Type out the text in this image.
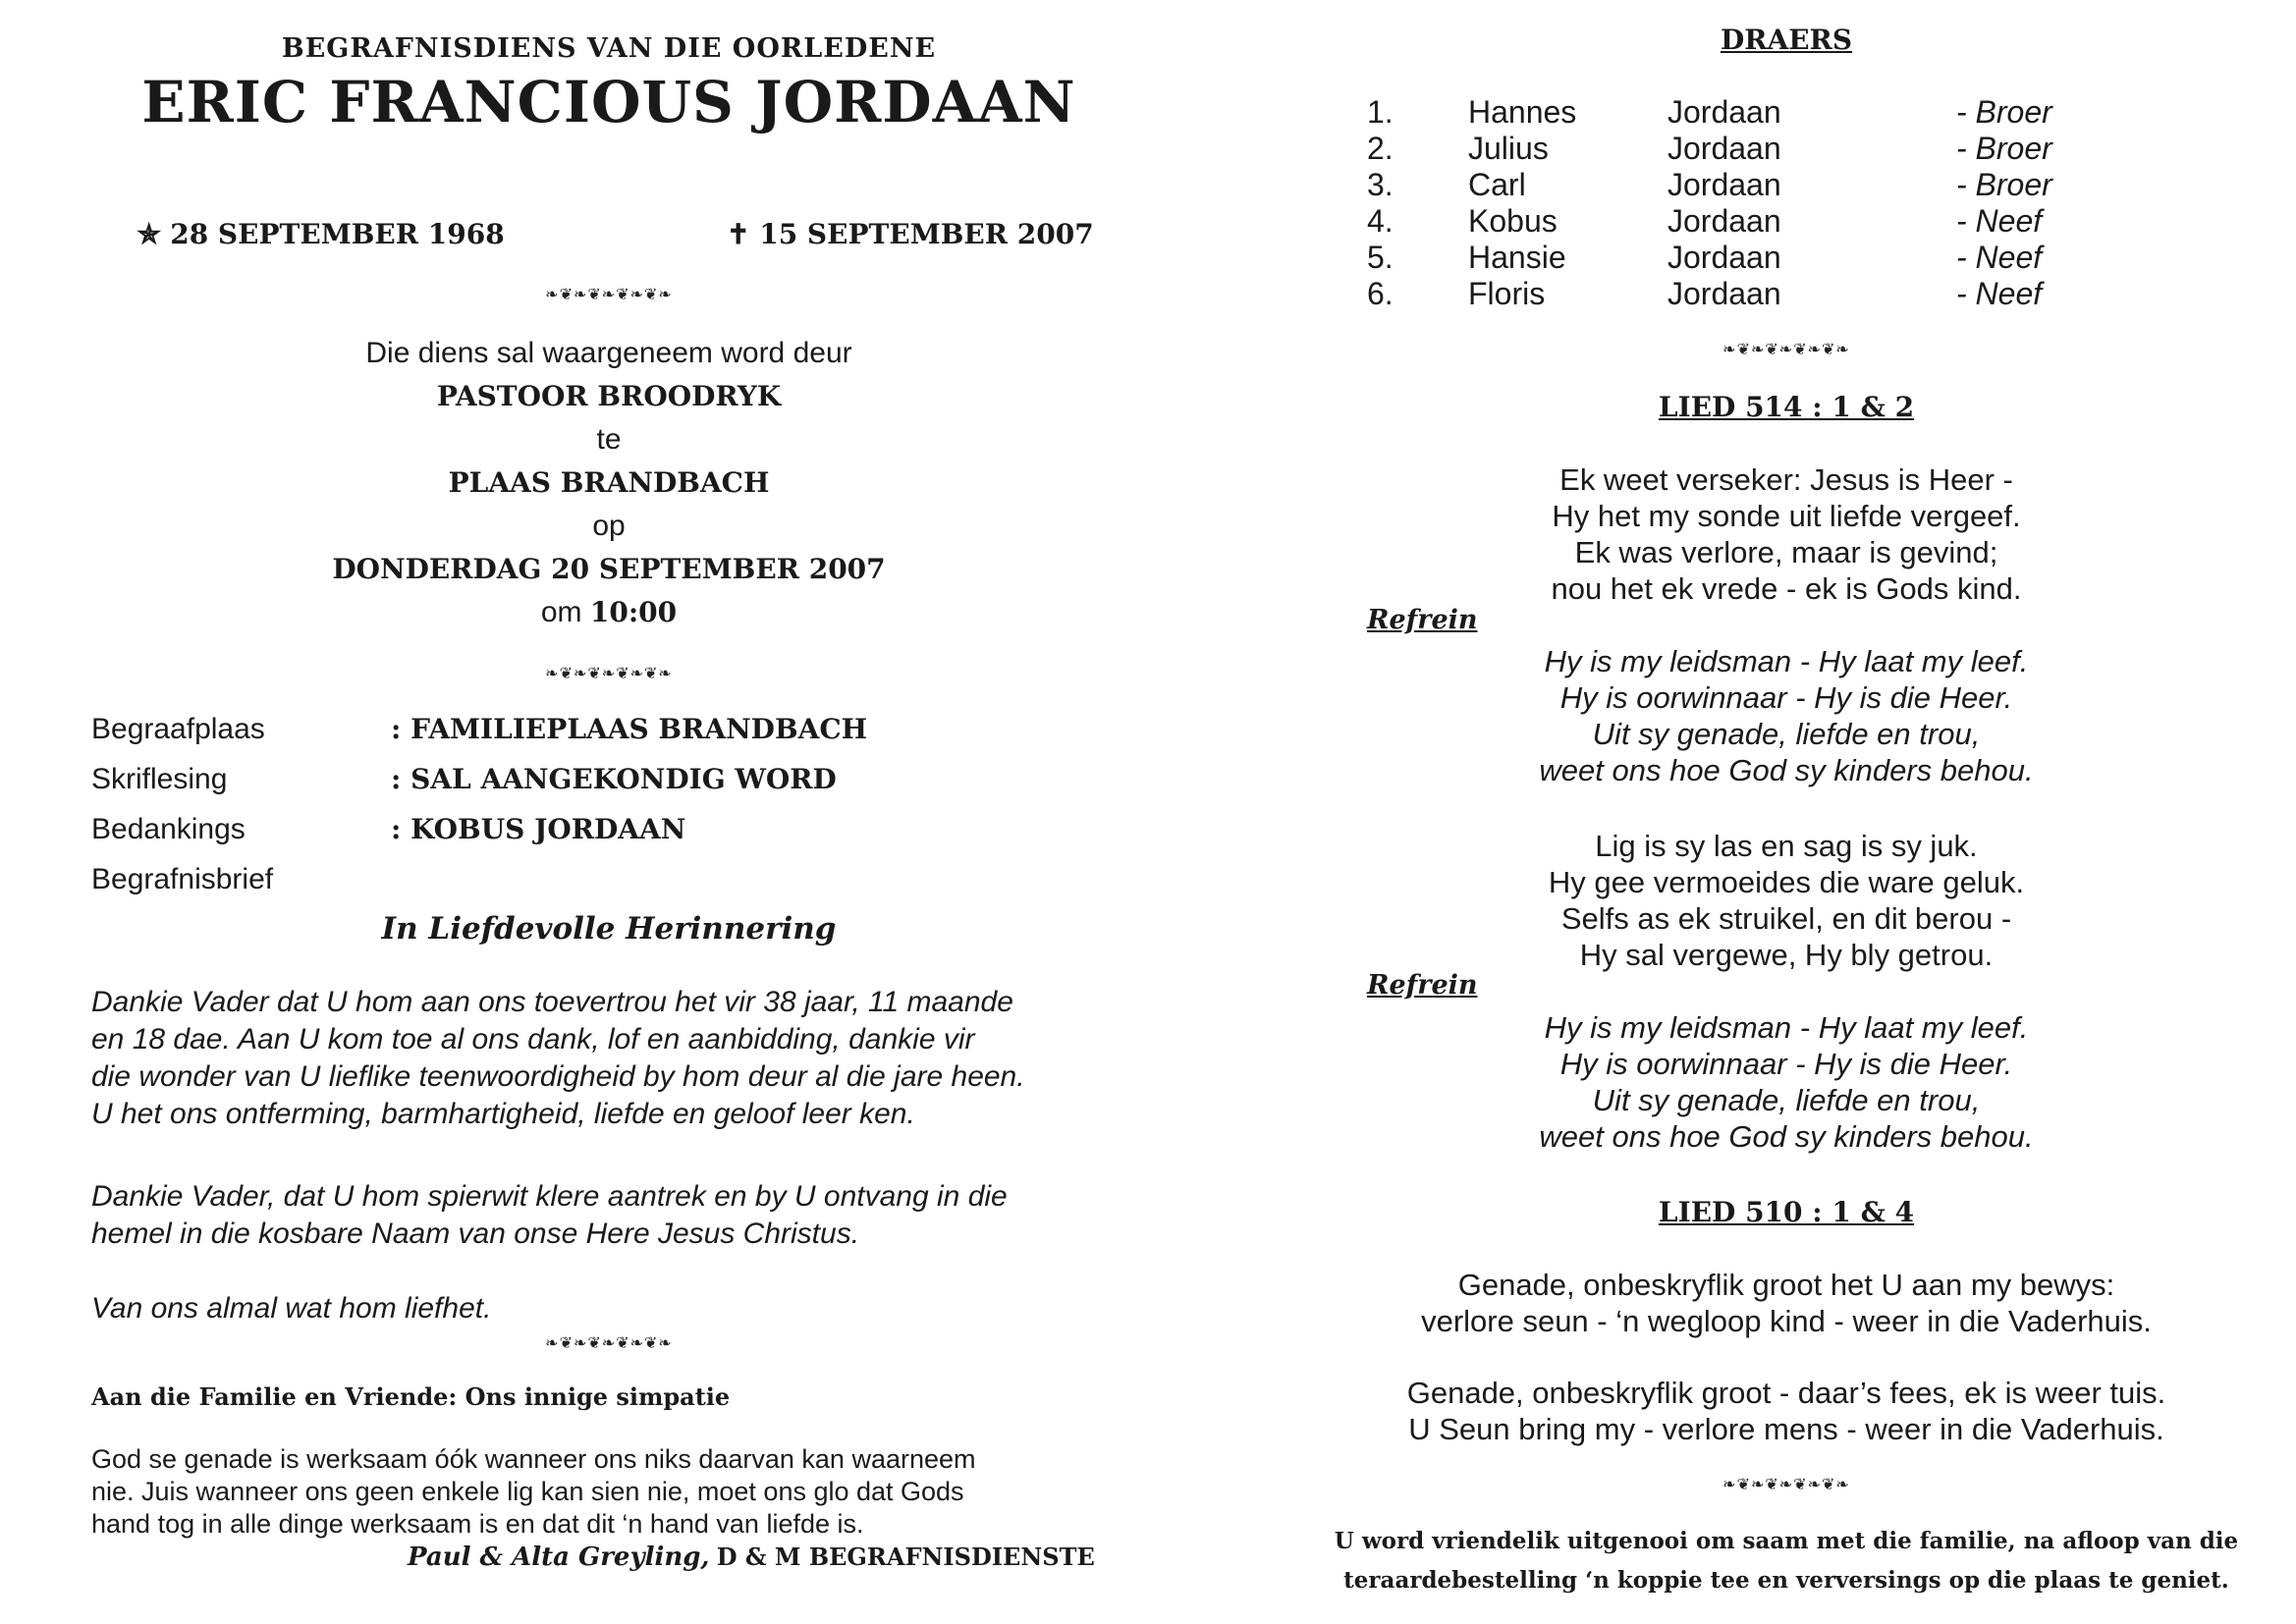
BEGRAFNISDIENS VAN DIE OORLEDENE
ERIC FRANCIOUS JORDAAN
✯ 28 SEPTEMBER 1968	✝ 15 SEPTEMBER 2007
❧❦❧❦❧❦❧❦❧
Die diens sal waargeneem word deur
PASTOOR BROODRYK
te
PLAAS BRANDBACH
op
DONDERDAG 20 SEPTEMBER 2007
om 10:00
❧❦❧❦❧❦❧❦❧
Begraafplaas	: FAMILIEPLAAS BRANDBACH
Skriflesing	: SAL AANGEKONDIG WORD
Bedankings	: KOBUS JORDAAN
Begrafnisbrief
In Liefdevolle Herinnering
Dankie Vader dat U hom aan ons toevertrou het vir 38 jaar, 11 maande
en 18 dae. Aan U kom toe al ons dank, lof en aanbidding, dankie vir
die wonder van U lieflike teenwoordigheid by hom deur al die jare heen.
U het ons ontferming, barmhartigheid, liefde en geloof leer ken.
Dankie Vader, dat U hom spierwit klere aantrek en by U ontvang in die
hemel in die kosbare Naam van onse Here Jesus Christus.
Van ons almal wat hom liefhet.
❧❦❧❦❧❦❧❦❧
Aan die Familie en Vriende: Ons innige simpatie
God se genade is werksaam óók wanneer ons niks daarvan kan waarneem
nie. Juis wanneer ons geen enkele lig kan sien nie, moet ons glo dat Gods
hand tog in alle dinge werksaam is en dat dit ‘n hand van liefde is.
Paul & Alta Greyling, D & M BEGRAFNISDIENSTE
DRAERS
1. Hannes	Jordaan	- Broer
2. Julius	Jordaan	- Broer
3. Carl	Jordaan	- Broer
4. Kobus	Jordaan	- Neef
5. Hansie	Jordaan	- Neef
6. Floris	Jordaan	- Neef
❧❦❧❦❧❦❧❦❧
LIED 514 : 1 & 2
Ek weet verseker: Jesus is Heer -
Hy het my sonde uit liefde vergeef.
Ek was verlore, maar is gevind;
nou het ek vrede - ek is Gods kind.
Refrein
Hy is my leidsman - Hy laat my leef.
Hy is oorwinnaar - Hy is die Heer.
Uit sy genade, liefde en trou,
weet ons hoe God sy kinders behou.
Lig is sy las en sag is sy juk.
Hy gee vermoeides die ware geluk.
Selfs as ek struikel, en dit berou -
Hy sal vergewe, Hy bly getrou.
Refrein
Hy is my leidsman - Hy laat my leef.
Hy is oorwinnaar - Hy is die Heer.
Uit sy genade, liefde en trou,
weet ons hoe God sy kinders behou.
LIED 510 : 1 & 4
Genade, onbeskryflik groot het U aan my bewys:
verlore seun - ‘n wegloop kind - weer in die Vaderhuis.
Genade, onbeskryflik groot - daar’s fees, ek is weer tuis.
U Seun bring my - verlore mens - weer in die Vaderhuis.
❧❦❧❦❧❦❧❦❧
U word vriendelik uitgenooi om saam met die familie, na afloop van die
teraardebestelling ‘n koppie tee en verversings op die plaas te geniet.
